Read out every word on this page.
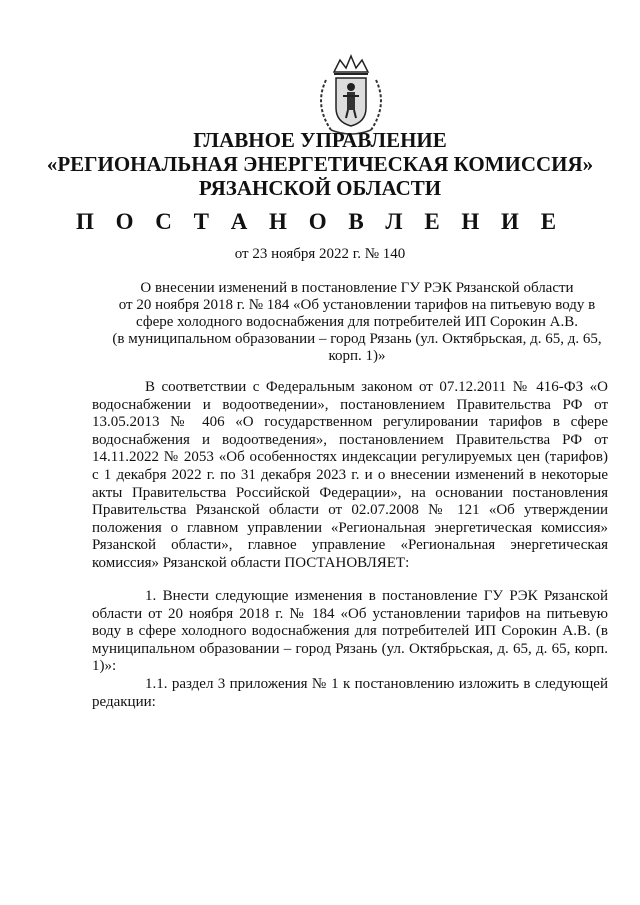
ГЛАВНОЕ УПРАВЛЕНИЕ
«РЕГИОНАЛЬНАЯ ЭНЕРГЕТИЧЕСКАЯ КОМИССИЯ»
РЯЗАНСКОЙ ОБЛАСТИ
П О С Т А Н О В Л Е Н И Е
от 23 ноября 2022 г. № 140
О внесении изменений в постановление ГУ РЭК Рязанской области
от 20 ноября 2018 г. № 184 «Об установлении тарифов на питьевую воду в
сфере холодного водоснабжения для потребителей ИП Сорокин А.В.
(в муниципальном образовании – город Рязань (ул. Октябрьская, д. 65, д. 65,
корп. 1)»
В соответствии с Федеральным законом от 07.12.2011 № 416-ФЗ «О водоснабжении и водоотведении», постановлением Правительства РФ от 13.05.2013 № 406 «О государственном регулировании тарифов в сфере водоснабжения и водоотведения», постановлением Правительства РФ от 14.11.2022 № 2053 «Об особенностях индексации регулируемых цен (тарифов) с 1 декабря 2022 г. по 31 декабря 2023 г. и о внесении изменений в некоторые акты Правительства Российской Федерации», на основании постановления Правительства Рязанской области от 02.07.2008 № 121 «Об утверждении положения о главном управлении «Региональная энергетическая комиссия» Рязанской области», главное управление «Региональная энергетическая комиссия» Рязанской области ПОСТАНОВЛЯЕТ:
1. Внести следующие изменения в постановление ГУ РЭК Рязанской области от 20 ноября 2018 г. № 184 «Об установлении тарифов на питьевую воду в сфере холодного водоснабжения для потребителей ИП Сорокин А.В. (в муниципальном образовании – город Рязань (ул. Октябрьская, д. 65, д. 65, корп. 1)»:
1.1. раздел 3 приложения № 1 к постановлению изложить в следующей редакции:
